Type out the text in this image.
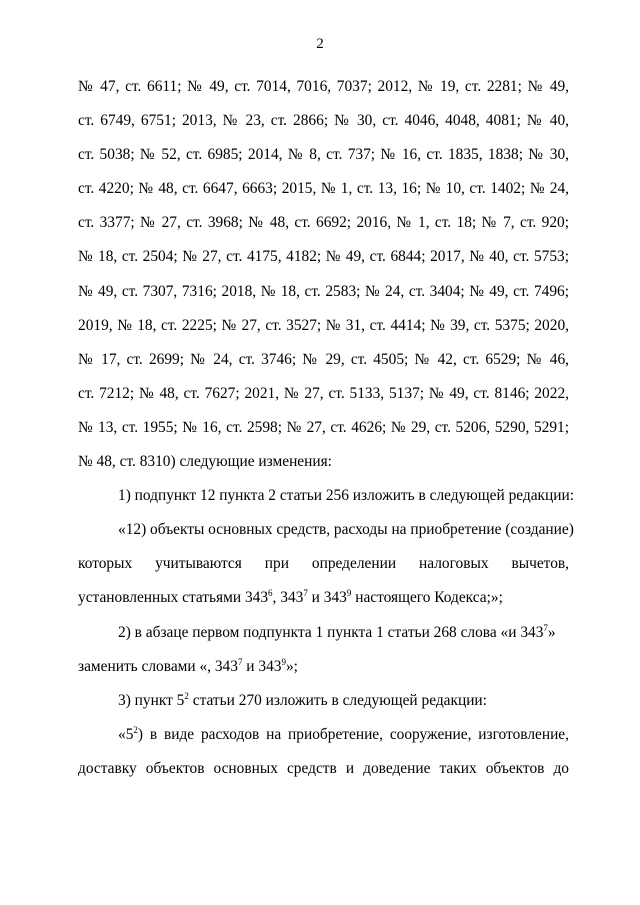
2
№ 47, ст. 6611; № 49, ст. 7014, 7016, 7037; 2012, № 19, ст. 2281; № 49,
ст. 6749, 6751; 2013, № 23, ст. 2866; № 30, ст. 4046, 4048, 4081; № 40,
ст. 5038; № 52, ст. 6985; 2014, № 8, ст. 737; № 16, ст. 1835, 1838; № 30,
ст. 4220; № 48, ст. 6647, 6663; 2015, № 1, ст. 13, 16; № 10, ст. 1402; № 24,
ст. 3377; № 27, ст. 3968; № 48, ст. 6692; 2016, № 1, ст. 18; № 7, ст. 920;
№ 18, ст. 2504; № 27, ст. 4175, 4182; № 49, ст. 6844; 2017, № 40, ст. 5753;
№ 49, ст. 7307, 7316; 2018, № 18, ст. 2583; № 24, ст. 3404; № 49, ст. 7496;
2019, № 18, ст. 2225; № 27, ст. 3527; № 31, ст. 4414; № 39, ст. 5375; 2020,
№ 17, ст. 2699; № 24, ст. 3746; № 29, ст. 4505; № 42, ст. 6529; № 46,
ст. 7212; № 48, ст. 7627; 2021, № 27, ст. 5133, 5137; № 49, ст. 8146; 2022,
№ 13, ст. 1955; № 16, ст. 2598; № 27, ст. 4626; № 29, ст. 5206, 5290, 5291;
№ 48, ст. 8310) следующие изменения:
1) подпункт 12 пункта 2 статьи 256 изложить в следующей редакции:
«12) объекты основных средств, расходы на приобретение (создание)
которых учитываются при определении налоговых вычетов,
установленных статьями $343^6$, $343^7$ и $343^9$ настоящего Кодекса;»;
2) в абзаце первом подпункта 1 пункта 1 статьи 268 слова «и $343^7$»
заменить словами «, $343^7$ и $343^9$»;
3) пункт $5^2$ статьи 270 изложить в следующей редакции:
«$5^2$) в виде расходов на приобретение, сооружение, изготовление,
доставку объектов основных средств и доведение таких объектов до
